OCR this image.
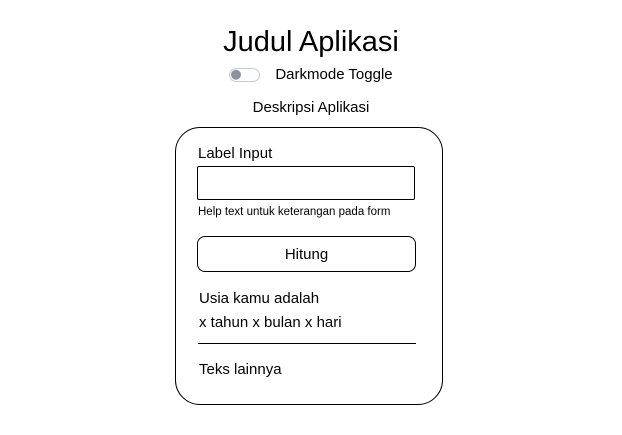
Judul Aplikasi
Darkmode Toggle
Deskripsi Aplikasi
Label Input
Help text untuk keterangan pada form
Hitung
Usia kamu adalah
x tahun x bulan x hari
Teks lainnya
